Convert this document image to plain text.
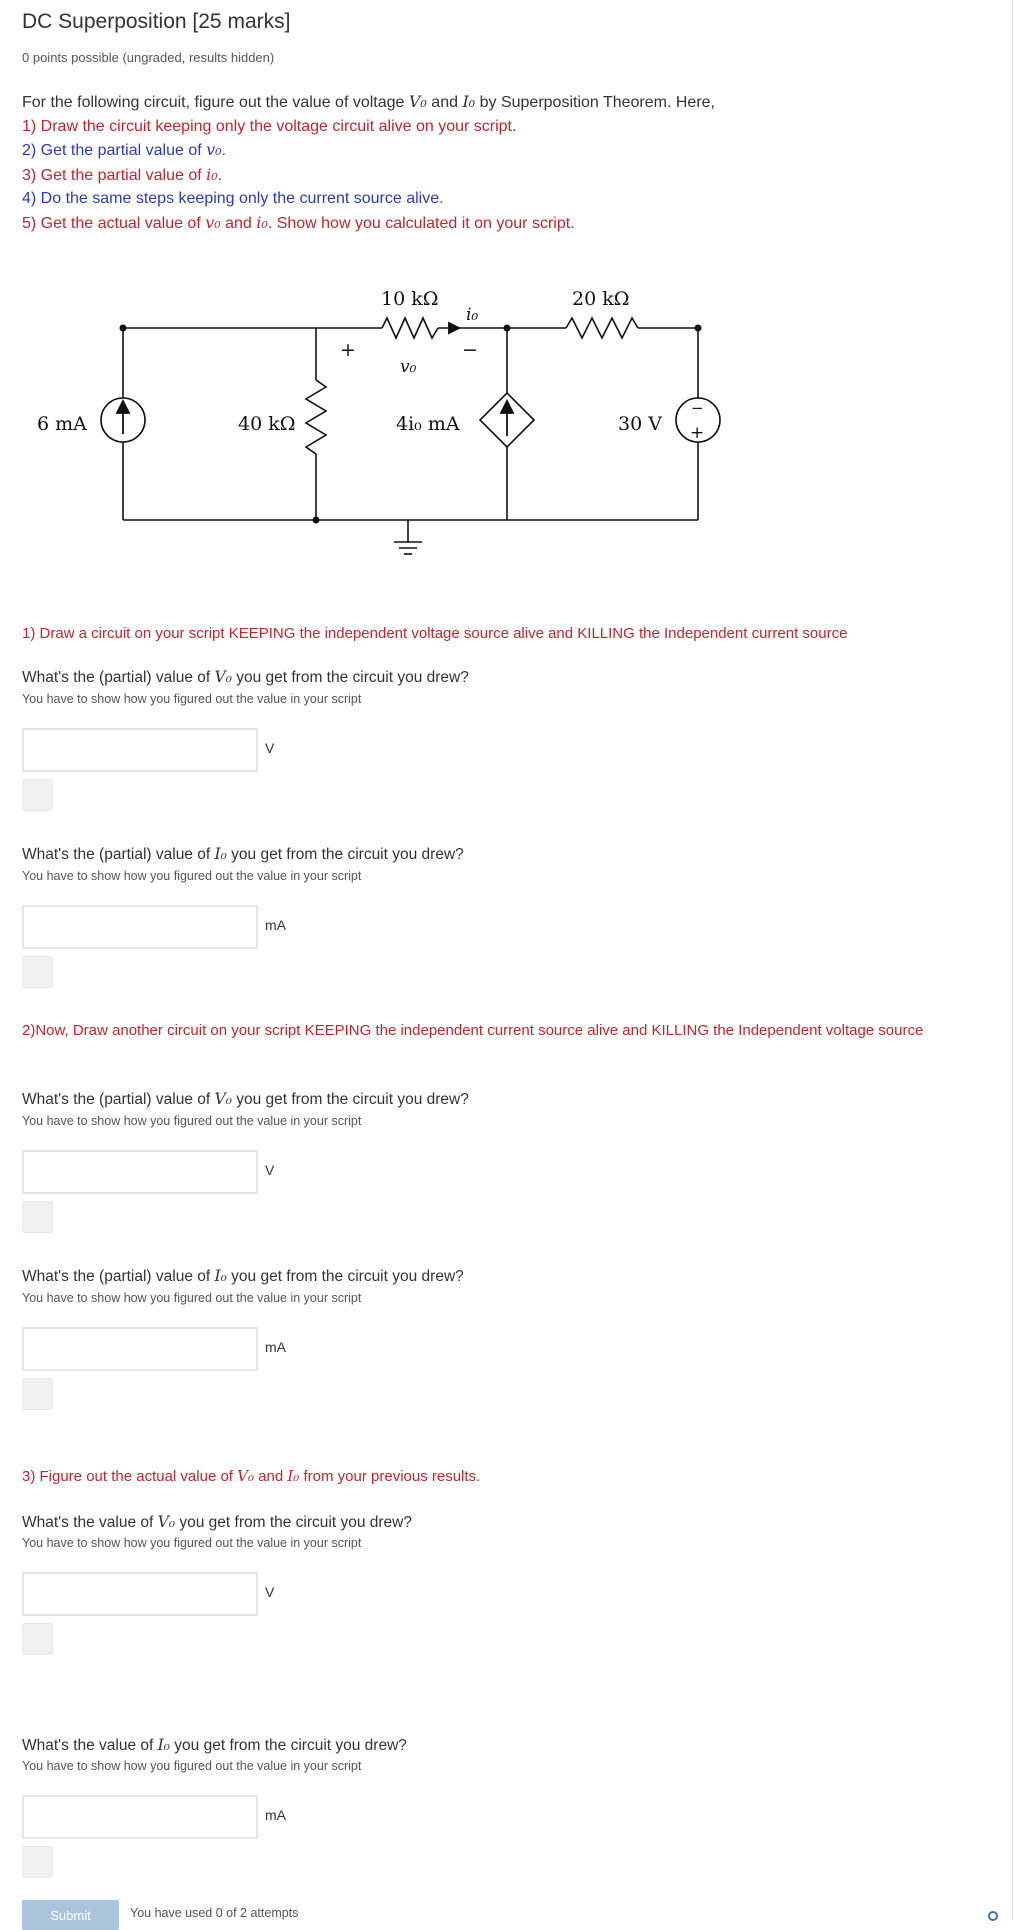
DC Superposition [25 marks]
0 points possible (ungraded, results hidden)
For the following circuit, figure out the value of voltage V₀ and I₀ by Superposition Theorem. Here,
1) Draw the circuit keeping only the voltage circuit alive on your script.
2) Get the partial value of v₀.
3) Get the partial value of i₀.
4) Do the same steps keeping only the current source alive.
5) Get the actual value of v₀ and i₀. Show how you calculated it on your script.
10 kΩ	20 kΩ
40 kΩ
6 mA	4i₀ mA	30 V
i₀
v₀
+	−
−
+
1) Draw a circuit on your script KEEPING the independent voltage source alive and KILLING the Independent current source
What's the (partial) value of V₀ you get from the circuit you drew?
You have to show how you figured out the value in your script
V
What's the (partial) value of I₀ you get from the circuit you drew?
You have to show how you figured out the value in your script
mA
2)Now, Draw another circuit on your script KEEPING the independent current source alive and KILLING the Independent voltage source
What's the (partial) value of V₀ you get from the circuit you drew?
You have to show how you figured out the value in your script
V
What's the (partial) value of I₀ you get from the circuit you drew?
You have to show how you figured out the value in your script
mA
3) Figure out the actual value of V₀ and I₀ from your previous results.
What's the value of V₀ you get from the circuit you drew?
You have to show how you figured out the value in your script
V
What's the value of I₀ you get from the circuit you drew?
You have to show how you figured out the value in your script
mA
Submit	You have used 0 of 2 attempts
